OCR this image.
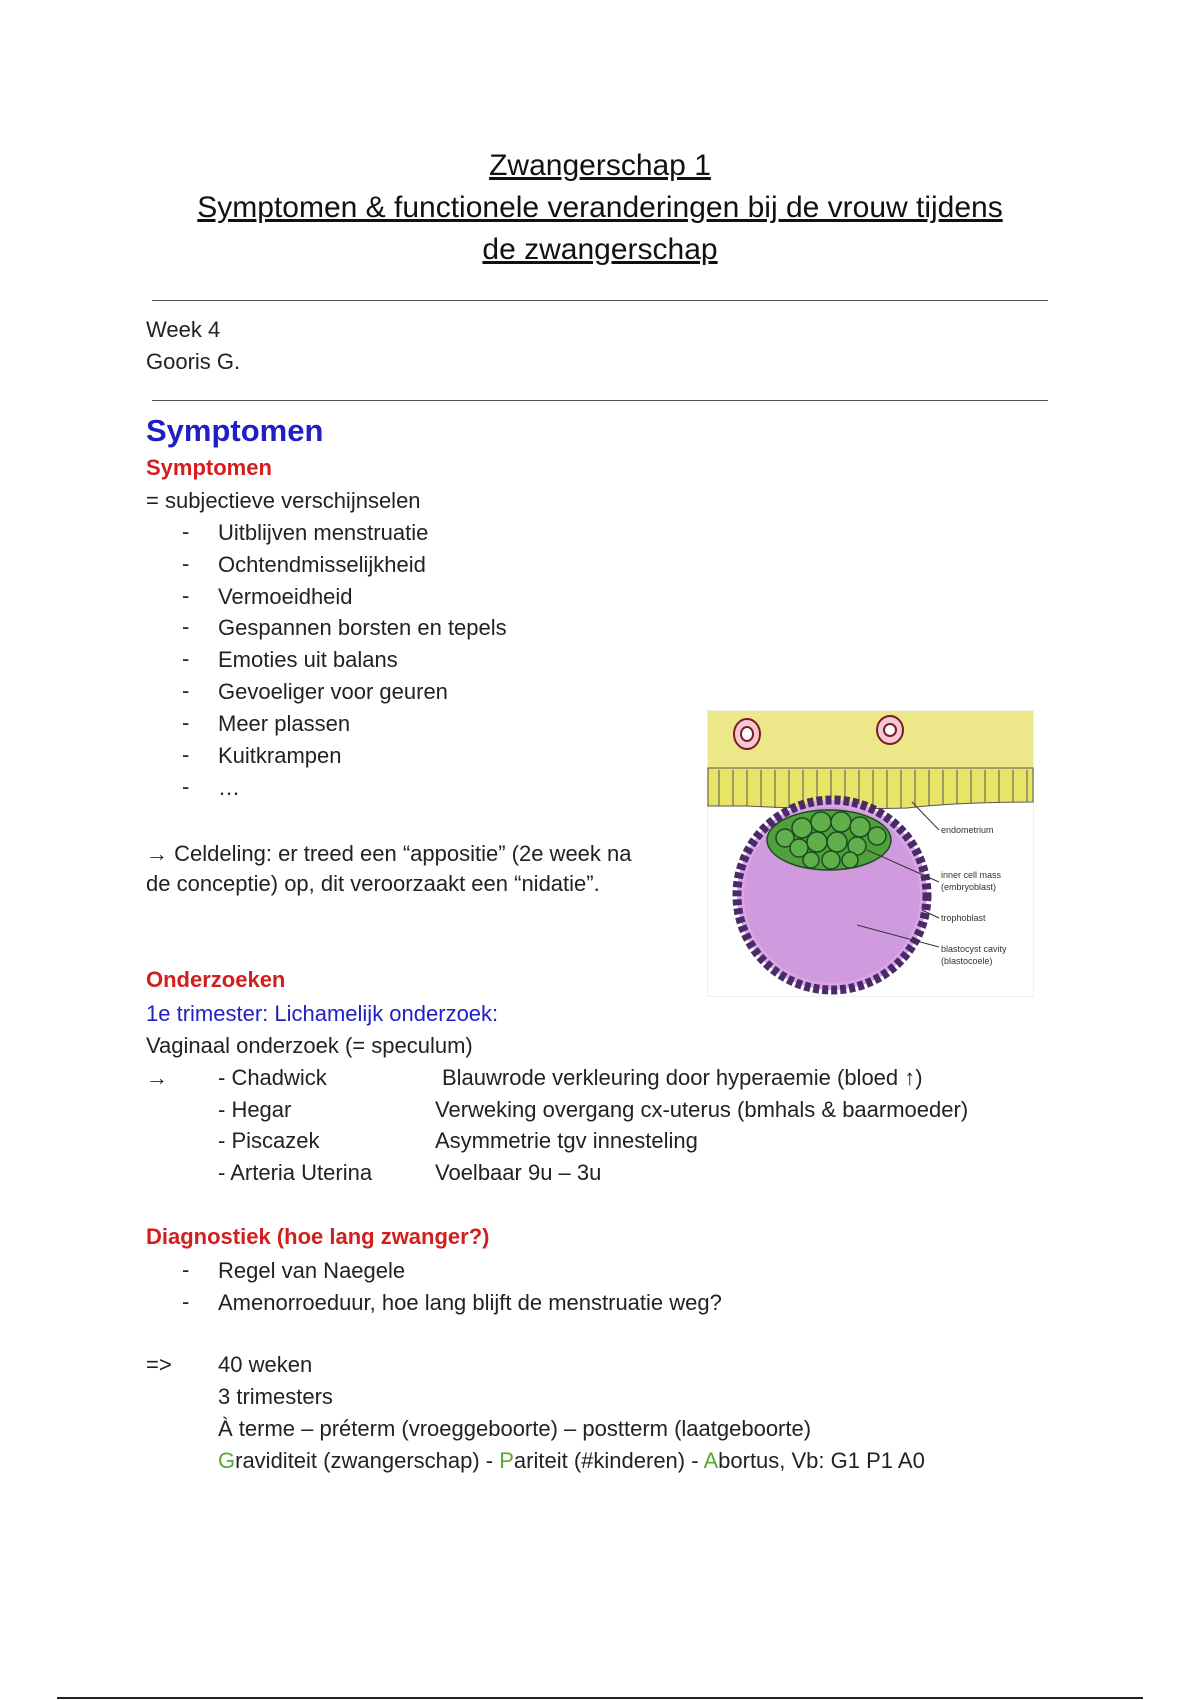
Zwangerschap 1
Symptomen & functionele veranderingen bij de vrouw tijdens
de zwangerschap
Week 4
Gooris G.
Symptomen
Symptomen
= subjectieve verschijnselen
- Uitblijven menstruatie
- Ochtendmisselijkheid
- Vermoeidheid
- Gespannen borsten en tepels
- Emoties uit balans
- Gevoeliger voor geuren
- Meer plassen
- Kuitkrampen
- …
→ Celdeling: er treed een “appositie” (2e week na
de conceptie) op, dit veroorzaakt een “nidatie”.
endometrium
inner cell mass
(embryoblast)
trophoblast
blastocyst cavity
(blastocoele)
Onderzoeken
1e trimester: Lichamelijk onderzoek:
Vaginaal onderzoek (= speculum)
→ - Chadwick	Blauwrode verkleuring door hyperaemie (bloed ↑)
- Hegar	Verweking overgang cx-uterus (bmhals & baarmoeder)
- Piscazek	Asymmetrie tgv innesteling
- Arteria Uterina	Voelbaar 9u – 3u
Diagnostiek (hoe lang zwanger?)
- Regel van Naegele
- Amenorroeduur, hoe lang blijft de menstruatie weg?
=> 40 weken
3 trimesters
À terme – préterm (vroeggeboorte) – postterm (laatgeboorte)
Graviditeit (zwangerschap) - Pariteit (#kinderen) - Abortus, Vb: G1 P1 A0
